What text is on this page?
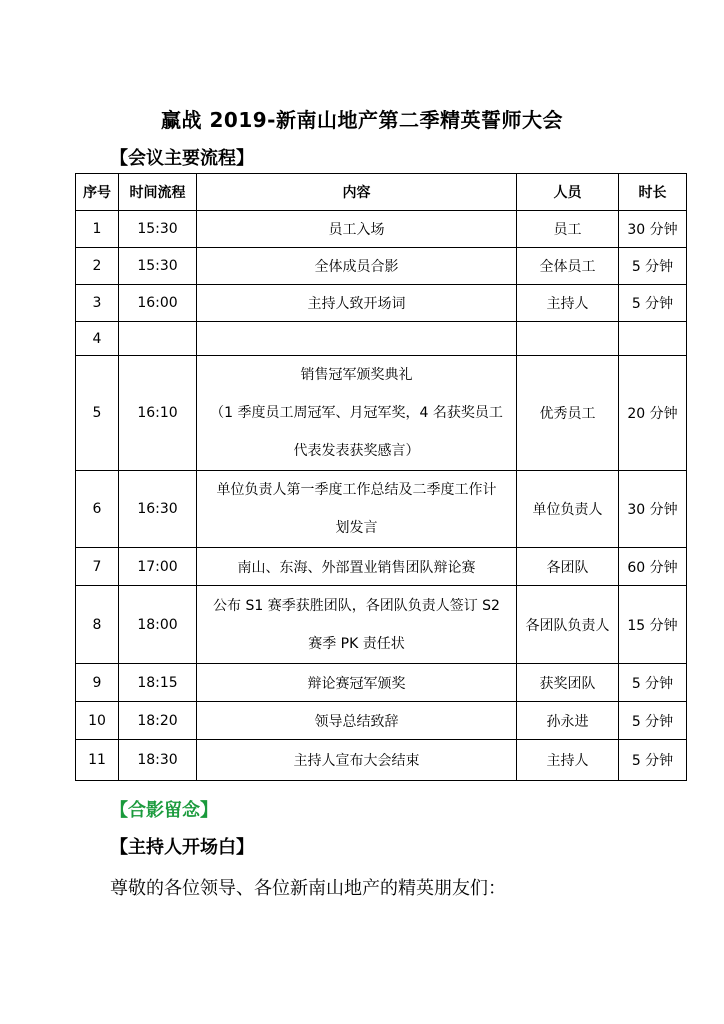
赢战 2019-新南山地产第二季精英誓师大会
【会议主要流程】
序号	时间流程	内容	人员	时长
1	15:30	员工入场	员工	30 分钟
2	15:30	全体成员合影	全体员工	5 分钟
3	16:00	主持人致开场词	主持人	5 分钟
4		

5	16:10	销售冠军颁奖典礼
（1 季度员工周冠军、月冠军奖，4 名获奖员工
代表发表获奖感言）	优秀员工	20 分钟
6	16:30	单位负责人第一季度工作总结及二季度工作计
划发言	单位负责人	30 分钟
7	17:00	南山、东海、外部置业销售团队辩论赛	各团队	60 分钟
8	18:00	公布 S1 赛季获胜团队，各团队负责人签订 S2
赛季 PK 责任状	各团队负责人	15 分钟
9	18:15	辩论赛冠军颁奖	获奖团队	5 分钟
10	18:20	领导总结致辞	孙永进	5 分钟
11	18:30	主持人宣布大会结束	主持人	5 分钟
【合影留念】
【主持人开场白】
尊敬的各位领导、各位新南山地产的精英朋友们：
